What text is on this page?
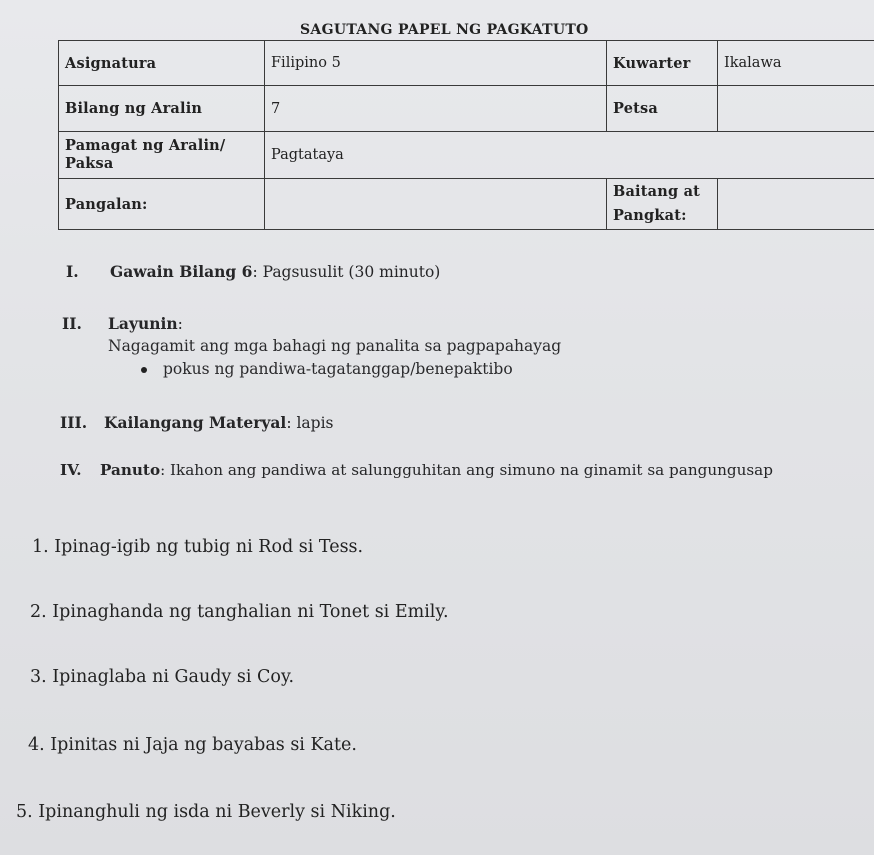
SAGUTANG PAPEL NG PAGKATUTO
Asignatura	Filipino 5	Kuwarter	Ikalawa
Bilang ng Aralin	7	Petsa	

Pamagat ng Aralin/
Paksa	Pagtataya		
Pangalan:		Baitang at
Pangkat:	

I. Gawain Bilang 6: Pagsusulit (30 minuto)
II. Layunin:
Nagagamit ang mga bahagi ng panalita sa pagpapahayag
pokus ng pandiwa-tagatanggap/benepaktibo
III. Kailangang Materyal: lapis
IV. Panuto: Ikahon ang pandiwa at salungguhitan ang simuno na ginamit sa pangungusap
1. Ipinag-igib ng tubig ni Rod si Tess.
2. Ipinaghanda ng tanghalian ni Tonet si Emily.
3. Ipinaglaba ni Gaudy si Coy.
4. Ipinitas ni Jaja ng bayabas si Kate.
5. Ipinanghuli ng isda ni Beverly si Niking.
